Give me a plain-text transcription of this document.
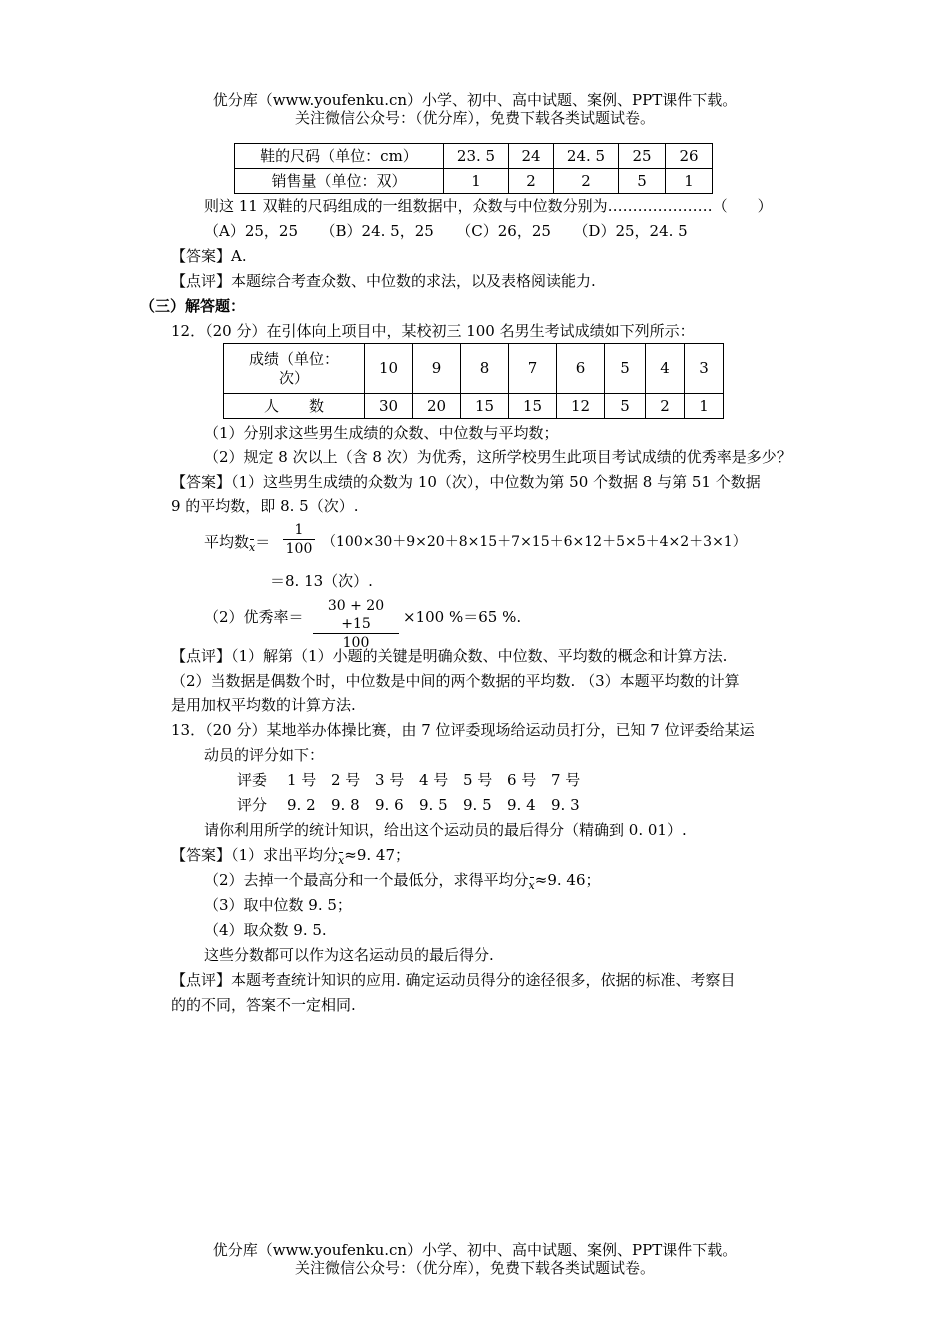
优分库（www.youfenku.cn）小学、初中、高中试题、案例、PPT课件下载。
关注微信公众号：（优分库），免费下载各类试题试卷。
鞋的尺码（单位：cm）	23. 5	24	24. 5	25	26
销售量（单位：双）	1	2	2	5	1
则这 11 双鞋的尺码组成的一组数据中，众数与中位数分别为…………………（　　）
（A）25，25　　（B）24. 5，25　　（C）26，25　　（D）25，24. 5
【答案】A.
【点评】本题综合考查众数、中位数的求法，以及表格阅读能力.
（三）解答题：
12．（20 分）在引体向上项目中，某校初三 100 名男生考试成绩如下列所示：
成绩（单位：
次）	10	9	8	7	6	5	4	3
人　　数	30	20	15	15	12	5	2	1
（1）分别求这些男生成绩的众数、中位数与平均数；
（2）规定 8 次以上（含 8 次）为优秀，这所学校男生此项目考试成绩的优秀率是多少？
【答案】（1）这些男生成绩的众数为 10（次），中位数为第 50 个数据 8 与第 51 个数据
9 的平均数，即 8. 5（次）.
平均数x＝
1
100 （100×30＋9×20＋8×15＋7×15＋6×12＋5×5＋4×2＋3×1）
＝8. 13（次）.
（2）优秀率＝
30 + 20 +15
100
×100 %＝65 %.
【点评】（1）解第（1）小题的关键是明确众数、中位数、平均数的概念和计算方法.
（2）当数据是偶数个时，中位数是中间的两个数据的平均数. （3）本题平均数的计算
是用加权平均数的计算方法.
13．（20 分）某地举办体操比赛，由 7 位评委现场给运动员打分，已知 7 位评委给某运
动员的评分如下：
评委 1 号 2 号 3 号 4 号 5 号 6 号 7 号
评分 9. 2 9. 8 9. 6 9. 5 9. 5 9. 4 9. 3
请你利用所学的统计知识，给出这个运动员的最后得分（精确到 0. 01）.
【答案】（1）求出平均分x≈9. 47；
（2）去掉一个最高分和一个最低分，求得平均分x≈9. 46；
（3）取中位数 9. 5；
（4）取众数 9. 5.
这些分数都可以作为这名运动员的最后得分.
【点评】本题考查统计知识的应用. 确定运动员得分的途径很多，依据的标准、考察目
的的不同，答案不一定相同.
优分库（www.youfenku.cn）小学、初中、高中试题、案例、PPT课件下载。
关注微信公众号：（优分库），免费下载各类试题试卷。
